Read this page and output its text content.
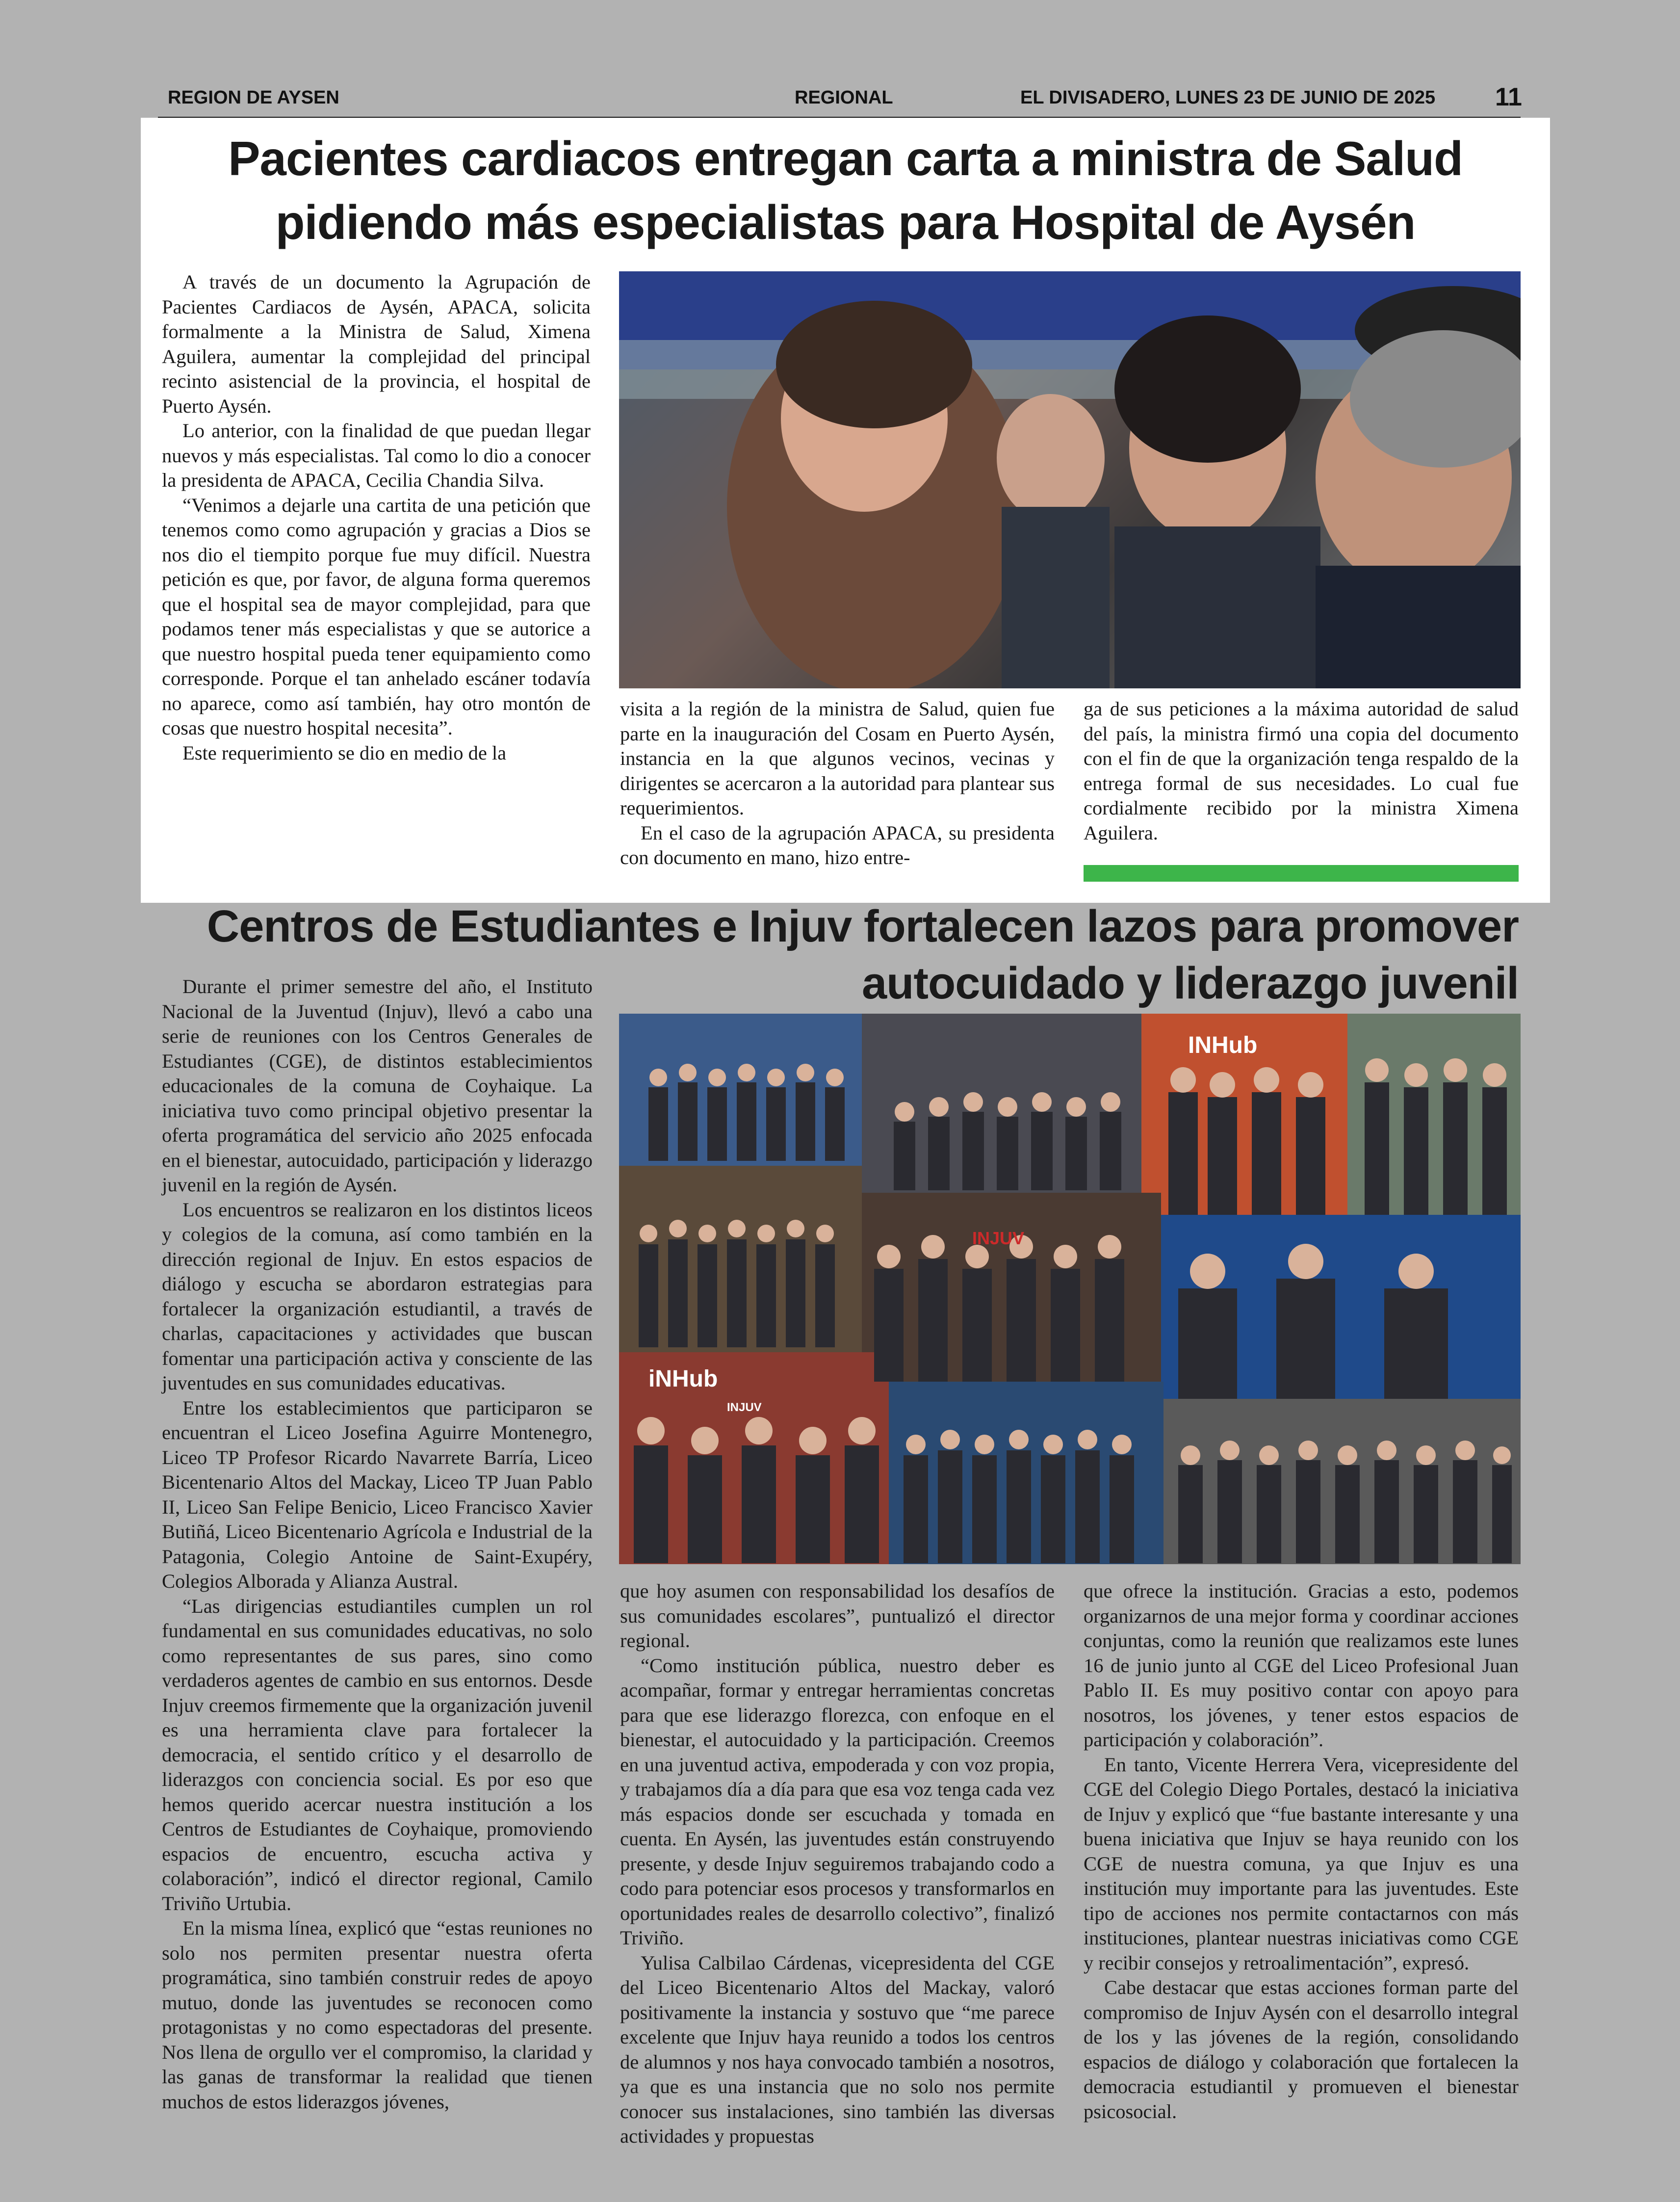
REGION DE AYSEN	REGIONAL	EL DIVISADERO, LUNES 23 DE JUNIO DE 2025 11
Pacientes cardiacos entregan carta a ministra de Salud
pidiendo más especialistas para Hospital de Aysén

A través de un documento la Agrupación de Pacientes Cardiacos de Aysén, APACA, solicita formalmente a la Ministra de Salud, Ximena Aguilera, aumentar la complejidad del principal recinto asistencial de la provincia, el hospital de Puerto Aysén.

Lo anterior, con la finalidad de que puedan llegar nuevos y más especialistas. Tal como lo dio a conocer la presidenta de APACA, Cecilia Chandia Silva.

“Venimos a dejarle una cartita de una petición que tenemos como como agrupación y gracias a Dios se nos dio el tiempito porque fue muy difícil. Nuestra petición es que, por favor, de alguna forma queremos que el hospital sea de mayor complejidad, para que podamos tener más especialistas y que se autorice a que nuestro hospital pueda tener equipamiento como corresponde. Porque el tan anhelado escáner todavía no aparece, como así también, hay otro montón de cosas que nuestro hospital necesita”.

Este requerimiento se dio en medio de la

visita a la región de la ministra de Salud, quien fue parte en la inauguración del Cosam en Puerto Aysén, instancia en la que algunos vecinos, vecinas y dirigentes se acercaron a la autoridad para plantear sus requerimientos.

En el caso de la agrupación APACA, su presidenta con documento en mano, hizo entre-

ga de sus peticiones a la máxima autoridad de salud del país, la ministra firmó una copia del documento con el fin de que la organización tenga respaldo de la entrega formal de sus necesidades. Lo cual fue cordialmente recibido por la ministra Ximena Aguilera.

Centros de Estudiantes e Injuv fortalecen lazos para promover
autocuidado y liderazgo juvenil
INHub
INJUV
iNHub
INJUV

Durante el primer semestre del año, el Instituto Nacional de la Juventud (Injuv), llevó a cabo una serie de reuniones con los Centros Generales de Estudiantes (CGE), de distintos establecimientos educacionales de la comuna de Coyhaique. La iniciativa tuvo como principal objetivo presentar la oferta programática del servicio año 2025 enfocada en el bienestar, autocuidado, participación y liderazgo juvenil en la región de Aysén.

Los encuentros se realizaron en los distintos liceos y colegios de la comuna, así como también en la dirección regional de Injuv. En estos espacios de diálogo y escucha se abordaron estrategias para fortalecer la organización estudiantil, a través de charlas, capacitaciones y actividades que buscan fomentar una participación activa y consciente de las juventudes en sus comunidades educativas.

Entre los establecimientos que participaron se encuentran el Liceo Josefina Aguirre Montenegro, Liceo TP Profesor Ricardo Navarrete Barría, Liceo Bicentenario Altos del Mackay, Liceo TP Juan Pablo II, Liceo San Felipe Benicio, Liceo Francisco Xavier Butiñá, Liceo Bicentenario Agrícola e Industrial de la Patagonia, Colegio Antoine de Saint-Exupéry, Colegios Alborada y Alianza Austral.

“Las dirigencias estudiantiles cumplen un rol fundamental en sus comunidades educativas, no solo como representantes de sus pares, sino como verdaderos agentes de cambio en sus entornos. Desde Injuv creemos firmemente que la organización juvenil es una herramienta clave para fortalecer la democracia, el sentido crítico y el desarrollo de liderazgos con conciencia social. Es por eso que hemos querido acercar nuestra institución a los Centros de Estudiantes de Coyhaique, promoviendo espacios de encuentro, escucha activa y colaboración”, indicó el director regional, Camilo Triviño Urtubia.

En la misma línea, explicó que “estas reuniones no solo nos permiten presentar nuestra oferta programática, sino también construir redes de apoyo mutuo, donde las juventudes se reconocen como protagonistas y no como espectadoras del presente. Nos llena de orgullo ver el compromiso, la claridad y las ganas de transformar la realidad que tienen muchos de estos liderazgos jóvenes,

que hoy asumen con responsabilidad los desafíos de sus comunidades escolares”, puntualizó el director regional.

“Como institución pública, nuestro deber es acompañar, formar y entregar herramientas concretas para que ese liderazgo florezca, con enfoque en el bienestar, el autocuidado y la participación. Creemos en una juventud activa, empoderada y con voz propia, y trabajamos día a día para que esa voz tenga cada vez más espacios donde ser escuchada y tomada en cuenta. En Aysén, las juventudes están construyendo presente, y desde Injuv seguiremos trabajando codo a codo para potenciar esos procesos y transformarlos en oportunidades reales de desarrollo colectivo”, finalizó Triviño.

Yulisa Calbilao Cárdenas, vicepresidenta del CGE del Liceo Bicentenario Altos del Mackay, valoró positivamente la instancia y sostuvo que “me parece excelente que Injuv haya reunido a todos los centros de alumnos y nos haya convocado también a nosotros, ya que es una instancia que no solo nos permite conocer sus instalaciones, sino también las diversas actividades y propuestas

que ofrece la institución. Gracias a esto, podemos organizarnos de una mejor forma y coordinar acciones conjuntas, como la reunión que realizamos este lunes 16 de junio junto al CGE del Liceo Profesional Juan Pablo II. Es muy positivo contar con apoyo para nosotros, los jóvenes, y tener estos espacios de participación y colaboración”.

En tanto, Vicente Herrera Vera, vicepresidente del CGE del Colegio Diego Portales, destacó la iniciativa de Injuv y explicó que “fue bastante interesante y una buena iniciativa que Injuv se haya reunido con los CGE de nuestra comuna, ya que Injuv es una institución muy importante para las juventudes. Este tipo de acciones nos permite contactarnos con más instituciones, plantear nuestras iniciativas como CGE y recibir consejos y retroalimentación”, expresó.

Cabe destacar que estas acciones forman parte del compromiso de Injuv Aysén con el desarrollo integral de los y las jóvenes de la región, consolidando espacios de diálogo y colaboración que fortalecen la democracia estudiantil y promueven el bienestar psicosocial.
